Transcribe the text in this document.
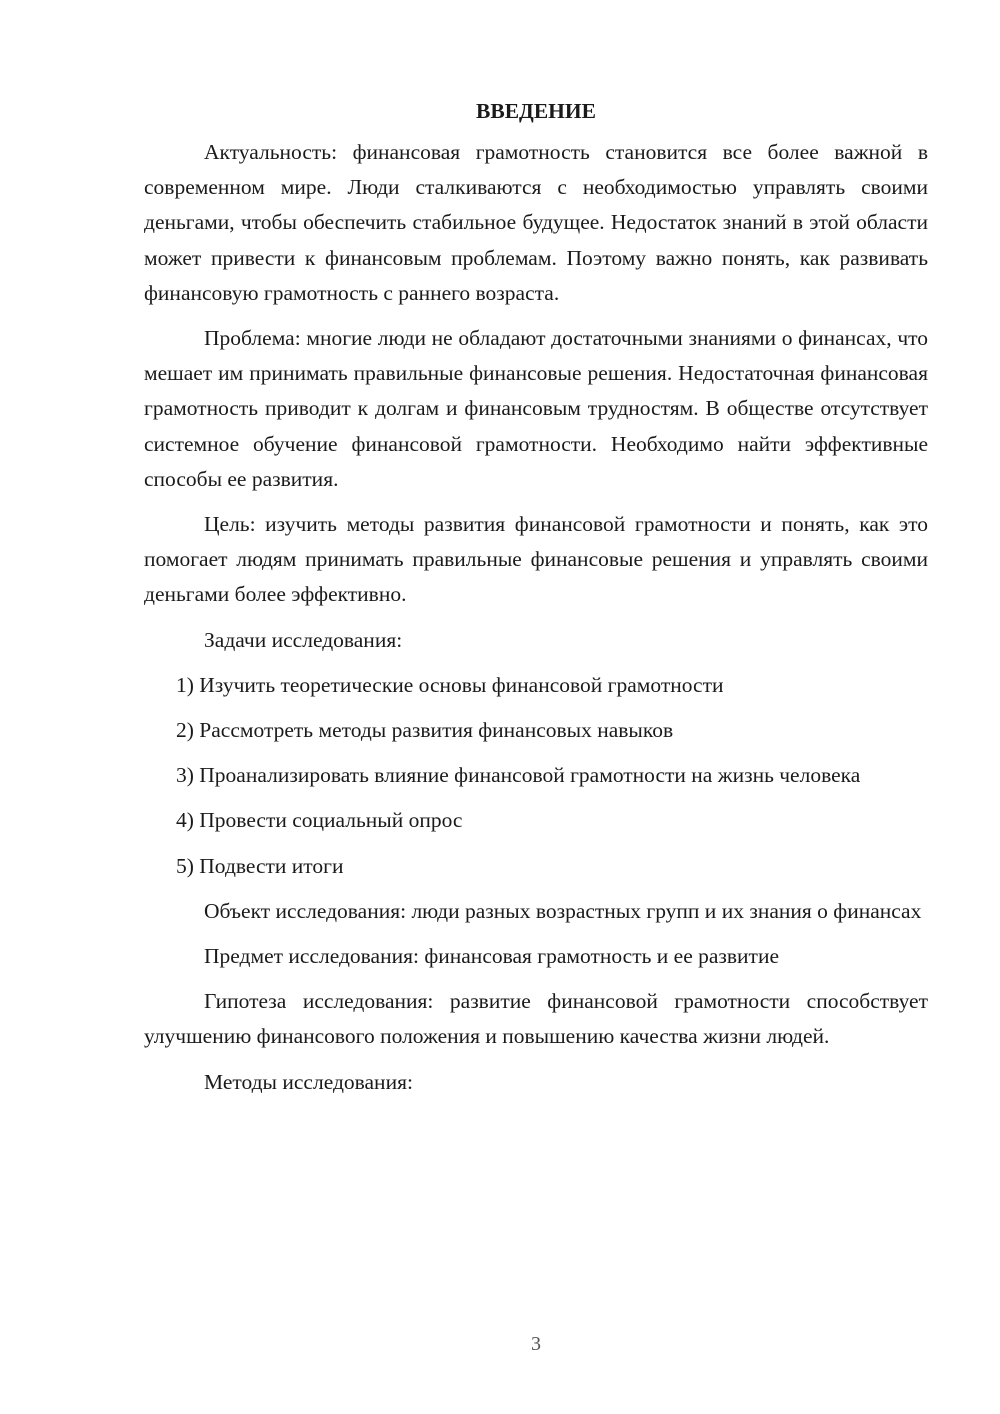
ВВЕДЕНИЕ

Актуальность: финансовая грамотность становится все более важной в современном мире. Люди сталкиваются с необходимостью управлять своими деньгами, чтобы обеспечить стабильное будущее. Недостаток знаний в этой области может привести к финансовым проблемам. Поэтому важно понять, как развивать финансовую грамотность с раннего возраста.

Проблема: многие люди не обладают достаточными знаниями о финансах, что мешает им принимать правильные финансовые решения. Недостаточная финансовая грамотность приводит к долгам и финансовым трудностям. В обществе отсутствует системное обучение финансовой грамотности. Необходимо найти эффективные способы ее развития.

Цель: изучить методы развития финансовой грамотности и понять, как это помогает людям принимать правильные финансовые решения и управлять своими деньгами более эффективно.

Задачи исследования:

1) Изучить теоретические основы финансовой грамотности

2) Рассмотреть методы развития финансовых навыков

3) Проанализировать влияние финансовой грамотности на жизнь человека

4) Провести социальный опрос

5) Подвести итоги

Объект исследования: люди разных возрастных групп и их знания о финансах

Предмет исследования: финансовая грамотность и ее развитие

Гипотеза исследования: развитие финансовой грамотности способствует улучшению финансового положения и повышению качества жизни людей.

Методы исследования:

3
